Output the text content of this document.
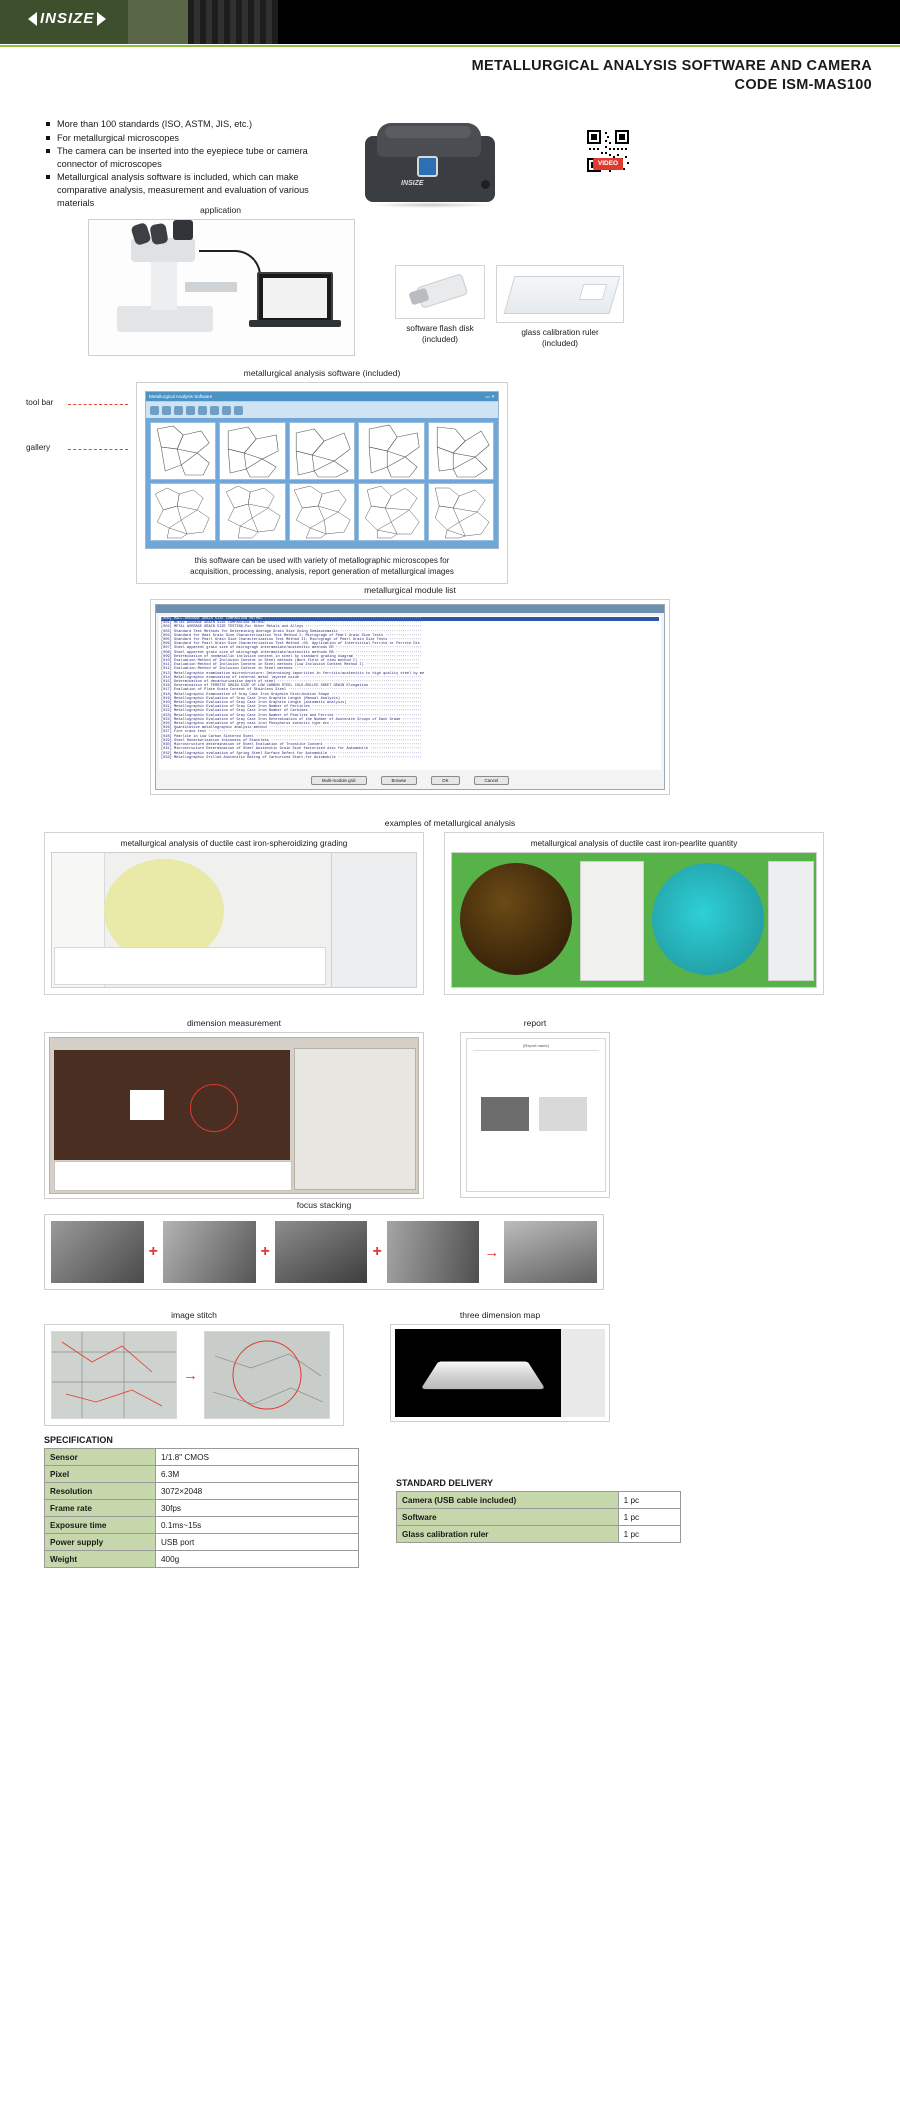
INSIZE
METALLURGICAL ANALYSIS SOFTWARE AND CAMERA
CODE ISM-MAS100
More than 100 standards (ISO, ASTM, JIS, etc.)
For metallurgical microscopes
The camera can be inserted into the eyepiece tube or camera connector of microscopes
Metallurgical analysis software is included, which can make comparative analysis, measurement and evaluation of various materials
INSIZE
VIDEO
application
software flash disk
(included)
glass calibration ruler
(included)
metallurgical analysis software (included)
Metallurgical Analysis Software	▭ ✕
this software can be used with variety of metallographic microscopes for
acquisition, processing, analysis, report generation of metallurgical images
tool bar
gallery
metallurgical module list
[000] HALL-AVERAGE GRAIN SIZE COMPARISON METHOD ·········································································
[001] METAL AVERAGE GRAIN SIZE COMPARISON METHOD ········································································
[002] METAL AVERAGE GRAIN SIZE TESTING-For Other Metals and Alloys ······················································
[003] Standard Test Methods for Determining Average Grain Size Using Semiautomatic ······································
[004] Standard for Heat Grain Size Characterization Test Method I: Microgragh of Pearl Grain Size Tests ·················
[005] Standard for Pearl Grain Size Characterization Test Method II: Microgragh of Pearl Grain Size Tests ···············
[006] Standard for Pearl Grain Size Characterization Test Method -03. Application of Interstitial Ferrite or Ferrite Dis
[007] Steel apparent grain size of microgragh intermediate/austenitic methods ER ········································
[008] Steel apparent grain size of microgragh intermediate/austenitic methods EB ········································
[009] Determination of nonmetallic inclusion content in steel by standard grading diagram ·······························
[010] Evaluation Method of Inclusion Content in Steel methods (Work field of view method I) ····························
[011] Evaluation Method of Inclusion Content in Steel methods (Low Inclusion Content Method I) ·························
[012] Evaluation Method of Inclusion Content in Steel methods ··························································
[013] Metallographic examination microstructure: Determining impurities in ferritic/austenitic to high quality steel by me
[014] Metallographic examination of internal metal layered oxide ························································
[015] Determination of decarburization depth of steel ···································································
[016] Determination of FERRITE GRAIN SIZE OF LOW CARBON STEEL COLD-ROLLED SHEET GRAIN Elongation ························
[017] Evaluation of Plate Grain Content of Stainless Steel ······························································
[018] Metallographic Examination of Gray Cast Iron Graphite Distribution Shape ··········································
[019] Metallographic Evaluation of Gray Cast Iron Graphite Length (Manual Analysis) ·····································
[020] Metallographic Evaluation of Gray Cast Iron Graphite Length (automatic Analysis) ··································
[021] Metallographic Evaluation of Gray Cast Iron Number of Particles ···················································
[022] Metallographic Evaluation of Gray Cast Iron Number of Carbides ····················································
[023] Metallographic Evaluation of Gray Cast Iron Number of Pearlite and Ferrite ········································
[024] Metallographic Evaluation of Gray Cast Iron Determination of the Number of Austenite Groups of Each Grade ·········
[025] Metallographic evaluation of grey cast iron Phosphorus eutectic type etc ··········································
[026] Quantitative metallographic analysis method ·······································································
[027] Fire crack test ···································································································
[028] Pearlite in Low Carbon Sintered Steel ·············································································
[029] Steel Decarburization thickness of Stainless ······································································
[030] Microstructure determination of Steel Evaluation of Troostite Content ·············································
[031] Microstructure Determination of Steel Austenitic Grain Size factorized disc for Automobile ························
[032] Metallographic evaluation of Spring Steel Surface Defect for Automobile ···········································
[033] Metallographic Grilled Austenitic Rating of Carburized Start-for Automobile ·······································
Multi-module grid	Browse	OK	Cancel
examples of metallurgical analysis
metallurgical analysis of ductile cast iron-spheroidizing grading	metallurgical analysis of ductile cast iron-pearlite quantity
dimension measurement	report
[Report name]
focus stacking
+	+	+	→
image stitch
→
three dimension map
SPECIFICATION
Sensor	1/1.8" CMOS
Pixel	6.3M
Resolution	3072×2048
Frame rate	30fps
Exposure time	0.1ms~15s
Power supply	USB port
Weight	400g
STANDARD DELIVERY
Camera (USB cable included)	1 pc
Software	1 pc
Glass calibration ruler	1 pc
